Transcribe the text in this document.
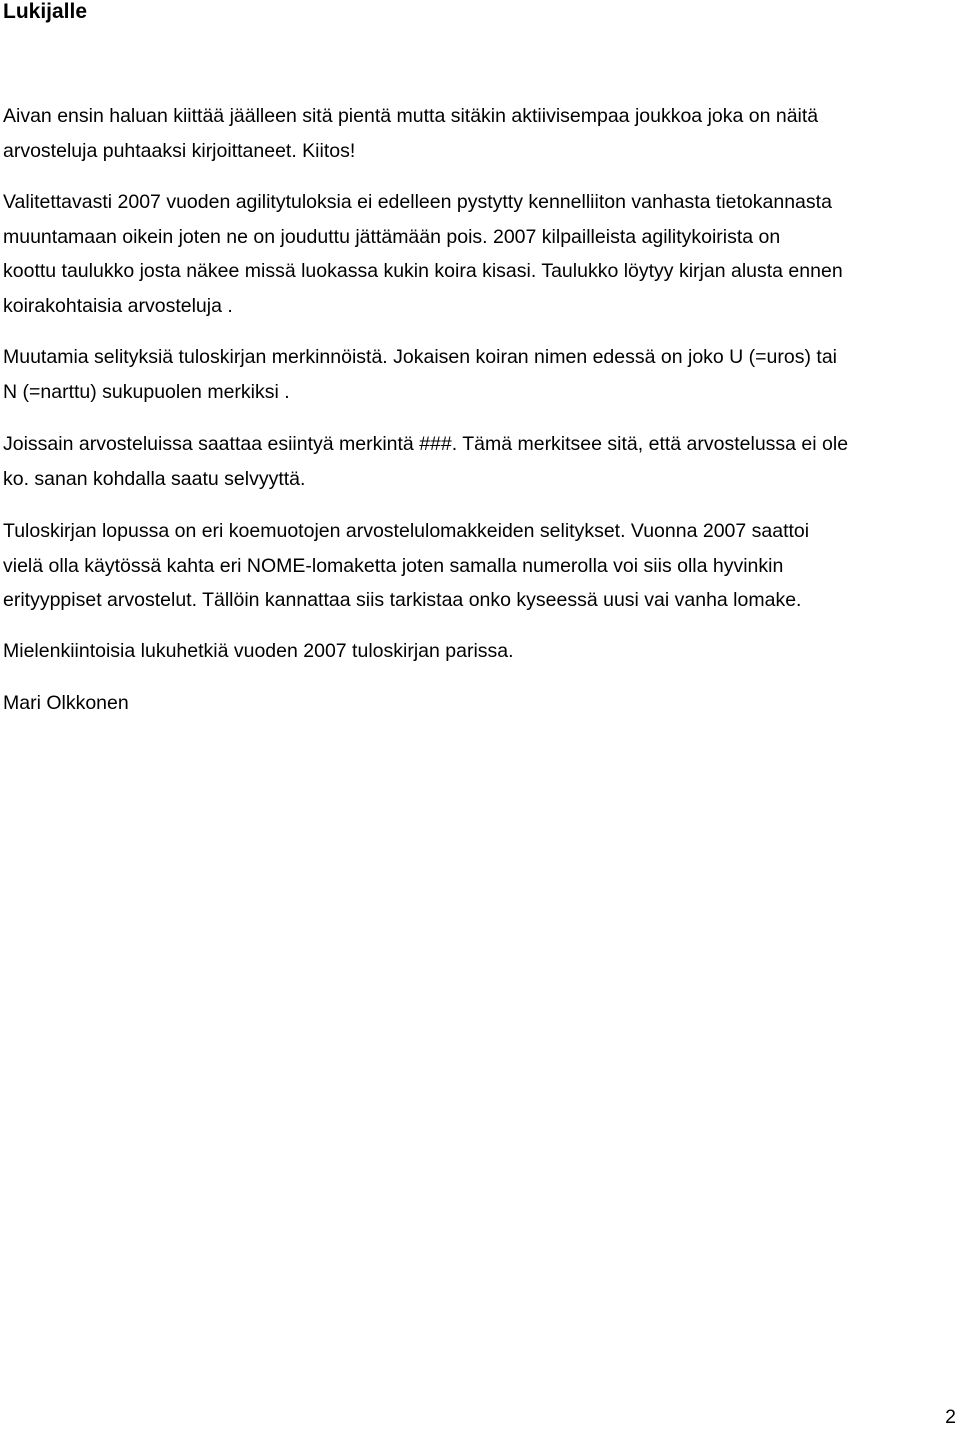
Lukijalle

Aivan ensin haluan kiittää jäälleen sitä pientä mutta sitäkin aktiivisempaa joukkoa joka on näitä
arvosteluja puhtaaksi kirjoittaneet. Kiitos!

Valitettavasti 2007 vuoden agilitytuloksia ei edelleen pystytty kennelliiton vanhasta tietokannasta
muuntamaan oikein joten ne on jouduttu jättämään pois. 2007 kilpailleista agilitykoirista on
koottu taulukko josta näkee missä luokassa kukin koira kisasi. Taulukko löytyy kirjan alusta ennen
koirakohtaisia arvosteluja .

Muutamia selityksiä tuloskirjan merkinnöistä. Jokaisen koiran nimen edessä on joko U (=uros) tai
N (=narttu) sukupuolen merkiksi .

Joissain arvosteluissa saattaa esiintyä merkintä ###. Tämä merkitsee sitä, että arvostelussa ei ole
ko. sanan kohdalla saatu selvyyttä.

Tuloskirjan lopussa on eri koemuotojen arvostelulomakkeiden selitykset. Vuonna 2007 saattoi
vielä olla käytössä kahta eri NOME-lomaketta joten samalla numerolla voi siis olla hyvinkin
erityyppiset arvostelut. Tällöin kannattaa siis tarkistaa onko kyseessä uusi vai vanha lomake.

Mielenkiintoisia lukuhetkiä vuoden 2007 tuloskirjan parissa.

Mari Olkkonen

2
